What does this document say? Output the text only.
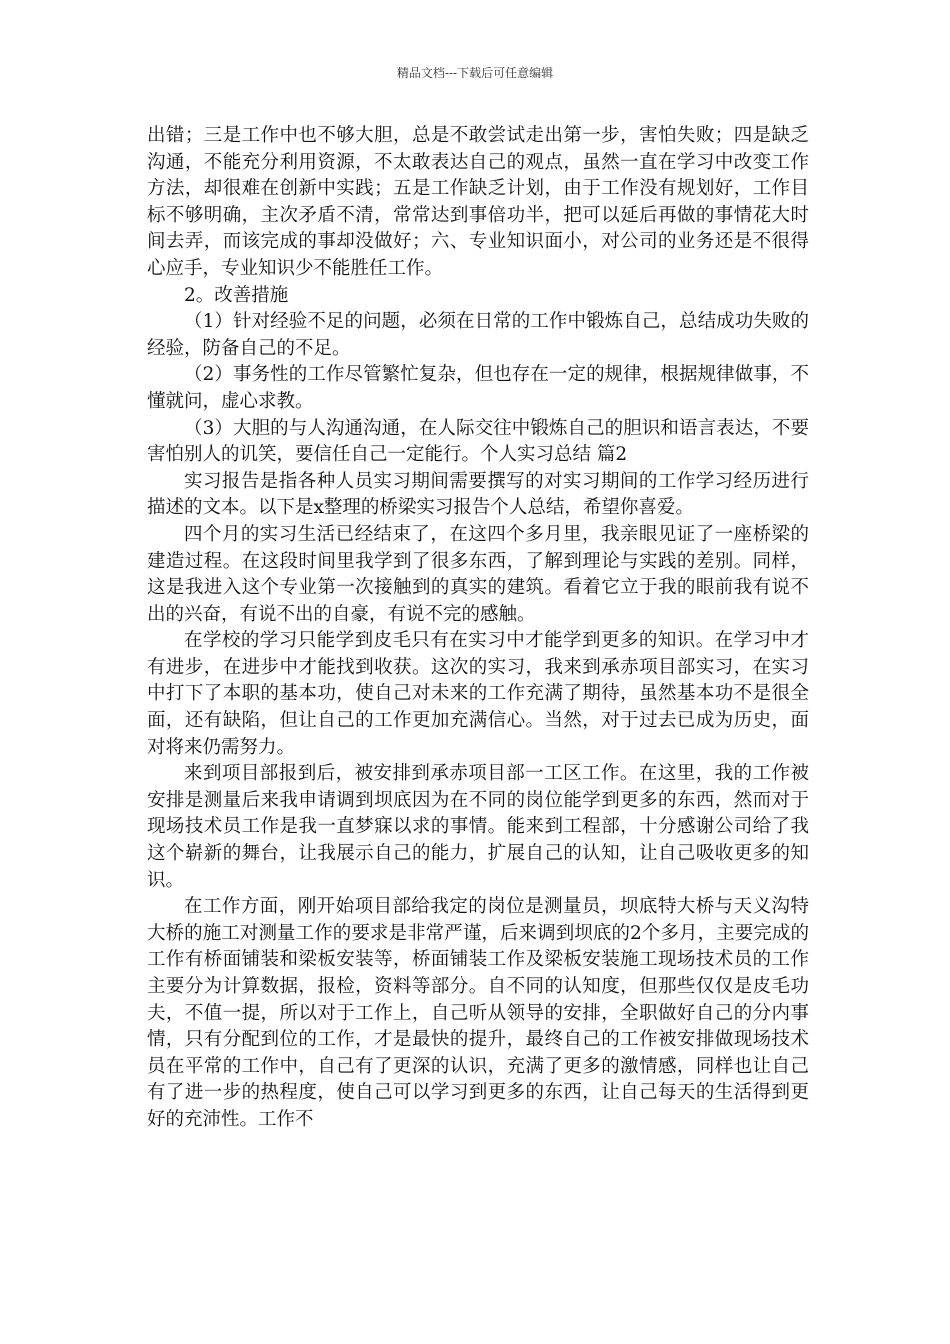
精品文档---下载后可任意编辑

出错；三是工作中也不够大胆，总是不敢尝试走出第一步，害怕失败；四是缺乏沟通，不能充分利用资源，不太敢表达自己的观点，虽然一直在学习中改变工作方法，却很难在创新中实践；五是工作缺乏计划，由于工作没有规划好，工作目标不够明确，主次矛盾不清，常常达到事倍功半，把可以延后再做的事情花大时间去弄，而该完成的事却没做好；六、专业知识面小，对公司的业务还是不很得心应手，专业知识少不能胜任工作。

2。改善措施

（1）针对经验不足的问题，必须在日常的工作中锻炼自己，总结成功失败的经验，防备自己的不足。

（2）事务性的工作尽管繁忙复杂，但也存在一定的规律，根据规律做事，不懂就问，虚心求教。

（3）大胆的与人沟通沟通，在人际交往中锻炼自己的胆识和语言表达，不要害怕别人的讥笑，要信任自己一定能行。个人实习总结 篇2

实习报告是指各种人员实习期间需要撰写的对实习期间的工作学习经历进行描述的文本。以下是x整理的桥梁实习报告个人总结，希望你喜爱。

四个月的实习生活已经结束了，在这四个多月里，我亲眼见证了一座桥梁的建造过程。在这段时间里我学到了很多东西，了解到理论与实践的差别。同样，这是我进入这个专业第一次接触到的真实的建筑。看着它立于我的眼前我有说不出的兴奋，有说不出的自豪，有说不完的感触。

在学校的学习只能学到皮毛只有在实习中才能学到更多的知识。在学习中才有进步，在进步中才能找到收获。这次的实习，我来到承赤项目部实习，在实习中打下了本职的基本功，使自己对未来的工作充满了期待，虽然基本功不是很全面，还有缺陷，但让自己的工作更加充满信心。当然，对于过去已成为历史，面对将来仍需努力。

来到项目部报到后，被安排到承赤项目部一工区工作。在这里，我的工作被安排是测量后来我申请调到坝底因为在不同的岗位能学到更多的东西，然而对于现场技术员工作是我一直梦寐以求的事情。能来到工程部，十分感谢公司给了我这个崭新的舞台，让我展示自己的能力，扩展自己的认知，让自己吸收更多的知识。

在工作方面，刚开始项目部给我定的岗位是测量员，坝底特大桥与天义沟特大桥的施工对测量工作的要求是非常严谨，后来调到坝底的2个多月，主要完成的工作有桥面铺装和梁板安装等，桥面铺装工作及梁板安装施工现场技术员的工作主要分为计算数据，报检，资料等部分。自不同的认知度，但那些仅仅是皮毛功夫，不值一提，所以对于工作上，自己听从领导的安排，全职做好自己的分内事情，只有分配到位的工作，才是最快的提升，最终自己的工作被安排做现场技术员在平常的工作中，自己有了更深的认识，充满了更多的激情感，同样也让自己有了进一步的热程度，使自己可以学习到更多的东西，让自己每天的生活得到更好的充沛性。工作不
